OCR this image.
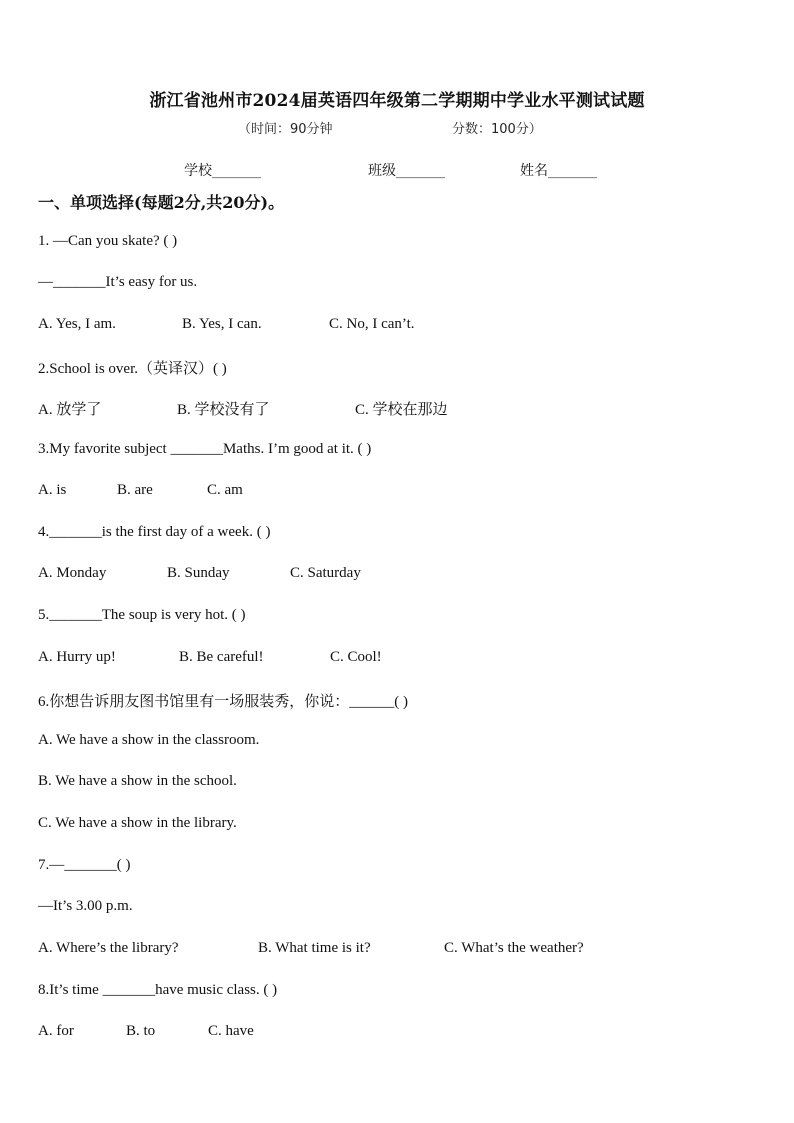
浙江省池州市2024届英语四年级第二学期期中学业水平测试试题
（时间：90分钟	分数：100分）
学校_______	班级_______	姓名_______
一、单项选择(每题2分,共20分)。
1. —Can you skate? ( )
—_______It’s easy for us.
A. Yes, I am.	B. Yes, I can.	C. No, I can’t.
2.School is over.（英译汉）( )
A. 放学了	B. 学校没有了	C. 学校在那边
3.My favorite subject _______Maths. I’m good at it. ( )
A. is	B. are	C. am
4._______is the first day of a week. ( )
A. Monday	B. Sunday	C. Saturday
5._______The soup is very hot. ( )
A. Hurry up!	B. Be careful!	C. Cool!
6.你想告诉朋友图书馆里有一场服装秀，你说：______( )
A. We have a show in the classroom.
B. We have a show in the school.
C. We have a show in the library.
7.—_______( )
—It’s 3.00 p.m.
A. Where’s the library?	B. What time is it?	C. What’s the weather?
8.It’s time _______have music class. ( )
A. for	B. to	C. have
